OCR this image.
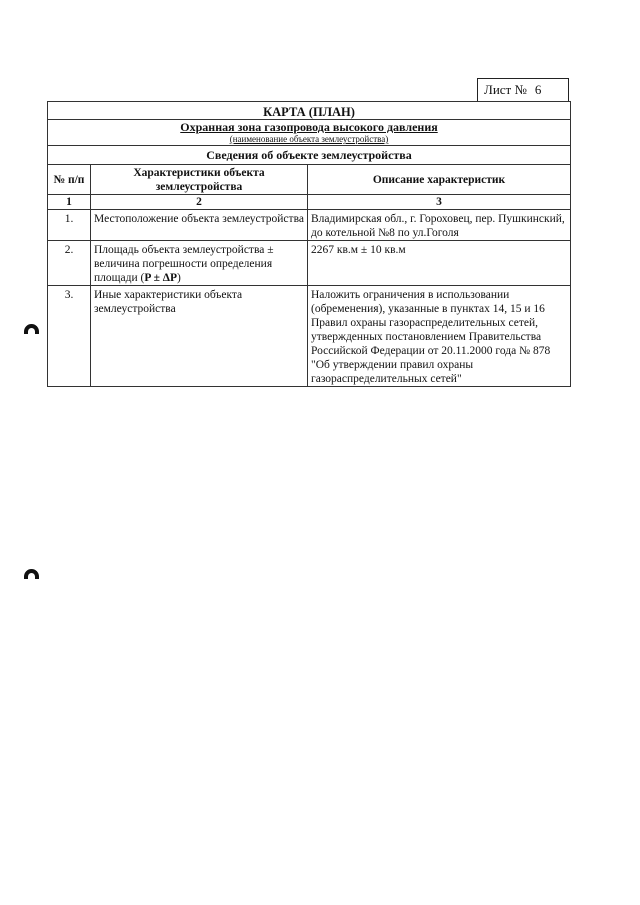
Лист № 6
КАРТА (ПЛАН)		
Охранная зона газопровода высокого давления		
(наименование объекта землеустройства)		
Сведения об объекте землеустройства		
№ п/п	Характеристики объекта землеустройства	Описание характеристик
1	2	3
1.	Местоположение объекта землеустройства	Владимирская обл., г. Гороховец, пер. Пушкинский, до котельной №8 по ул.Гоголя
2.	Площадь объекта землеустройства ± величина погрешности определения площади (P ± ΔP)	2267 кв.м ± 10 кв.м
3.	Иные характеристики объекта землеустройства	Наложить ограничения в использовании (обременения), указанные в пунктах 14, 15 и 16 Правил охраны газораспределительных сетей, утвержденных постановлением Правительства Российской Федерации от 20.11.2000 года № 878 "Об утверждении правил охраны газораспределительных сетей"
